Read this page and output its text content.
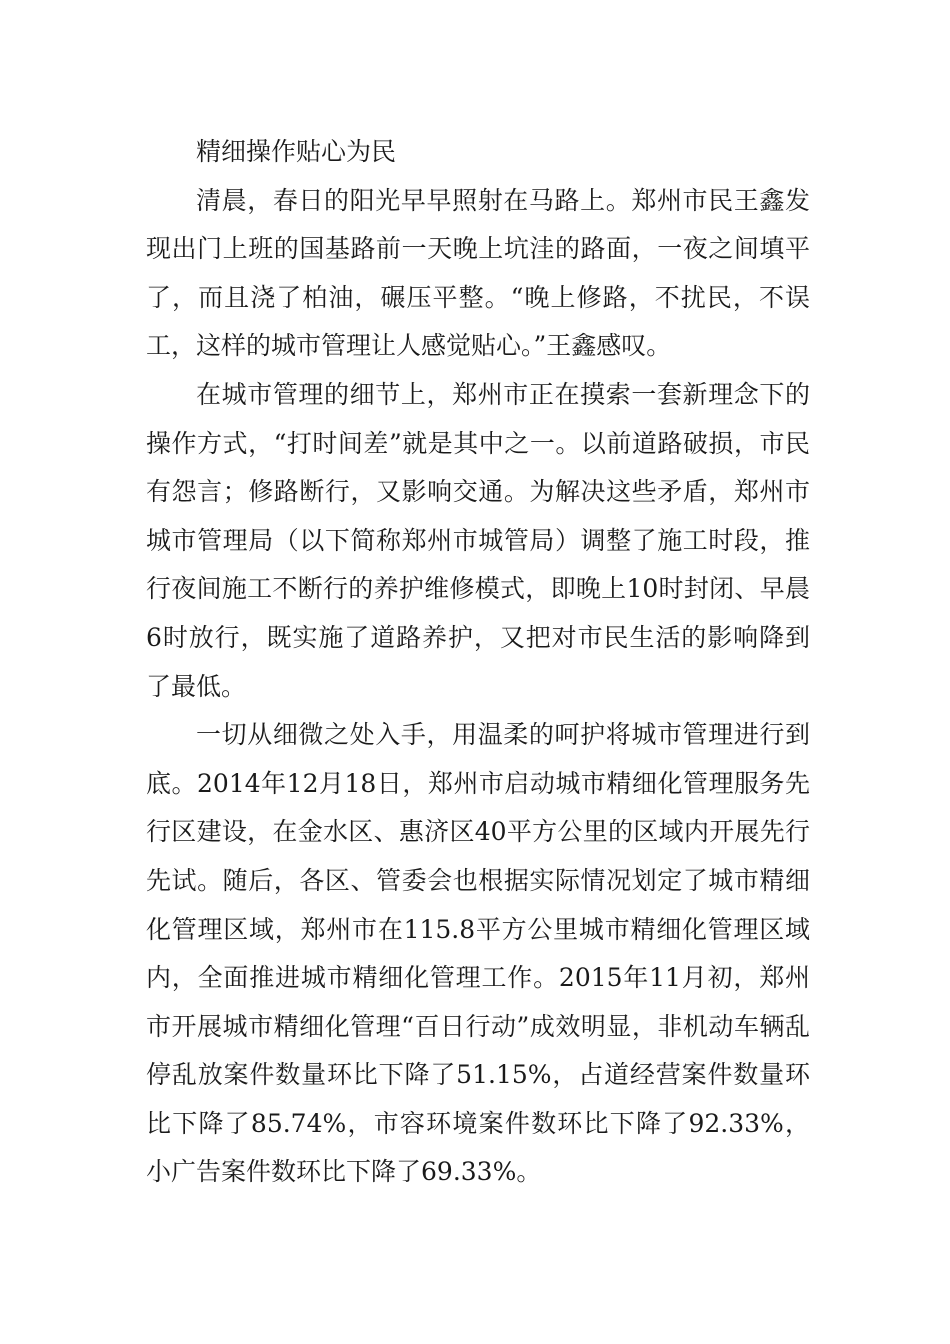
精细操作贴心为民

清晨，春日的阳光早早照射在马路上。郑州市民王鑫发现出门上班的国基路前一天晚上坑洼的路面，一夜之间填平了，而且浇了柏油，碾压平整。“晚上修路，不扰民，不误工，这样的城市管理让人感觉贴心。”王鑫感叹。

在城市管理的细节上，郑州市正在摸索一套新理念下的操作方式，“打时间差”就是其中之一。以前道路破损，市民有怨言；修路断行，又影响交通。为解决这些矛盾，郑州市城市管理局（以下简称郑州市城管局）调整了施工时段，推行夜间施工不断行的养护维修模式，即晚上10时封闭、早晨6时放行，既实施了道路养护，又把对市民生活的影响降到了最低。

一切从细微之处入手，用温柔的呵护将城市管理进行到底。2014年12月18日，郑州市启动城市精细化管理服务先行区建设，在金水区、惠济区40平方公里的区域内开展先行先试。随后，各区、管委会也根据实际情况划定了城市精细化管理区域，郑州市在115.8平方公里城市精细化管理区域内，全面推进城市精细化管理工作。2015年11月初，郑州市开展城市精细化管理“百日行动”成效明显，非机动车辆乱停乱放案件数量环比下降了51.15%，占道经营案件数量环比下降了85.74%，市容环境案件数环比下降了92.33%，小广告案件数环比下降了69.33%。
